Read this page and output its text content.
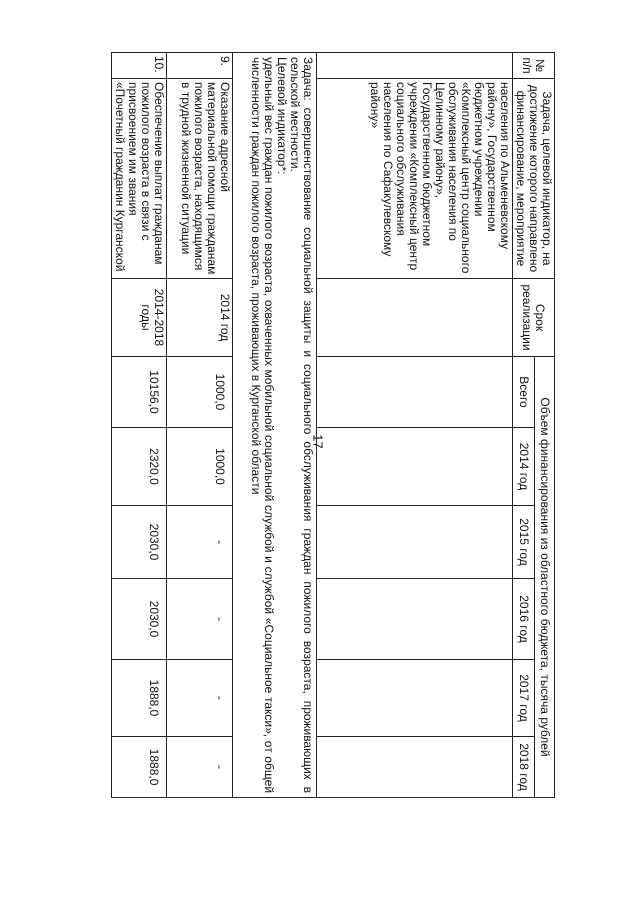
17
№ п/п	Задача, целевой индикатор, на достижение которого направлено финансирование, мероприятие	Срок реализации	Объем финансирования из областного бюджета, тысяча рублей					
			Всего	2014 год	2015 год	2016 год	2017 год	2018 год
	населения по Альменевскому району», Государственном бюджетном учреждении «Комплексный центр социального обслуживания населения по Целинному району», Государственном бюджетном учреждении «Комплексный центр социального обслуживания населения по Сафакулевскому району»							

Задача: совершенствование социальной защиты и социального обслуживания граждан пожилого возраста, проживающих в сельской местности.

Целевой индикатор*:

удельный вес граждан пожилого возраста, охваченных мобильной социальной службой и службой «Социальное такси», от общей численности граждан пожилого возраста, проживающих в Курганской области								

9.	Оказание адресной материальной помощи гражданам пожилого возраста, находящимся в трудной жизненной ситуации	2014 год	1000,0	1000,0	-	-	-	-
10.	Обеспечение выплат гражданам пожилого возраста в связи с присвоением им звания «Почетный гражданин Курганской	2014-2018 годы	10156,0	2320,0	2030,0	2030,0	1888,0	1888,0
